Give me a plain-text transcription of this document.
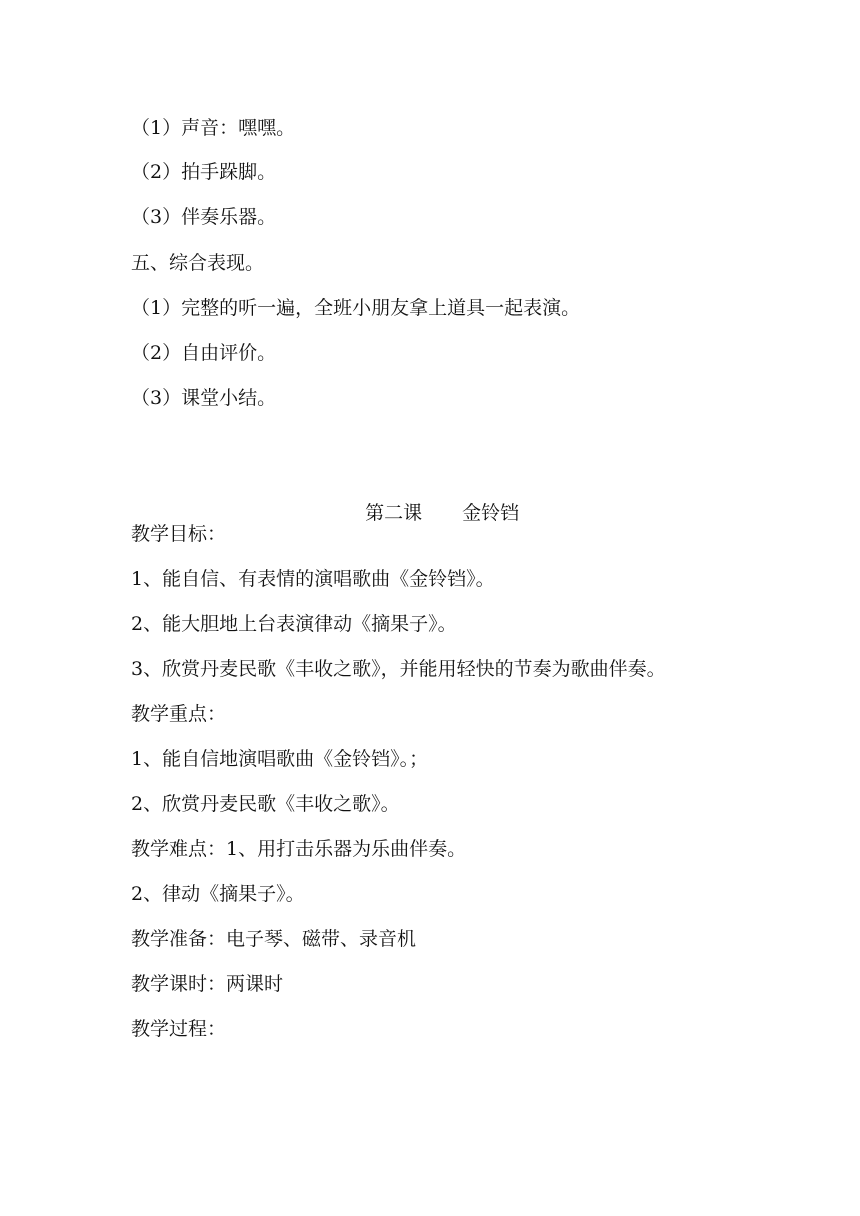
（1）声音：嘿嘿。
（2）拍手跺脚。
（3）伴奏乐器。
五、综合表现。
（1）完整的听一遍，全班小朋友拿上道具一起表演。
（2）自由评价。
（3）课堂小结。

第二课 金铃铛

教学目标：
1、能自信、有表情的演唱歌曲《金铃铛》。
2、能大胆地上台表演律动《摘果子》。
3、欣赏丹麦民歌《丰收之歌》，并能用轻快的节奏为歌曲伴奏。
教学重点：
1、能自信地演唱歌曲《金铃铛》。；
2、欣赏丹麦民歌《丰收之歌》。
教学难点：1、用打击乐器为乐曲伴奏。
2、律动《摘果子》。
教学准备：电子琴、磁带、录音机
教学课时：两课时
教学过程：
